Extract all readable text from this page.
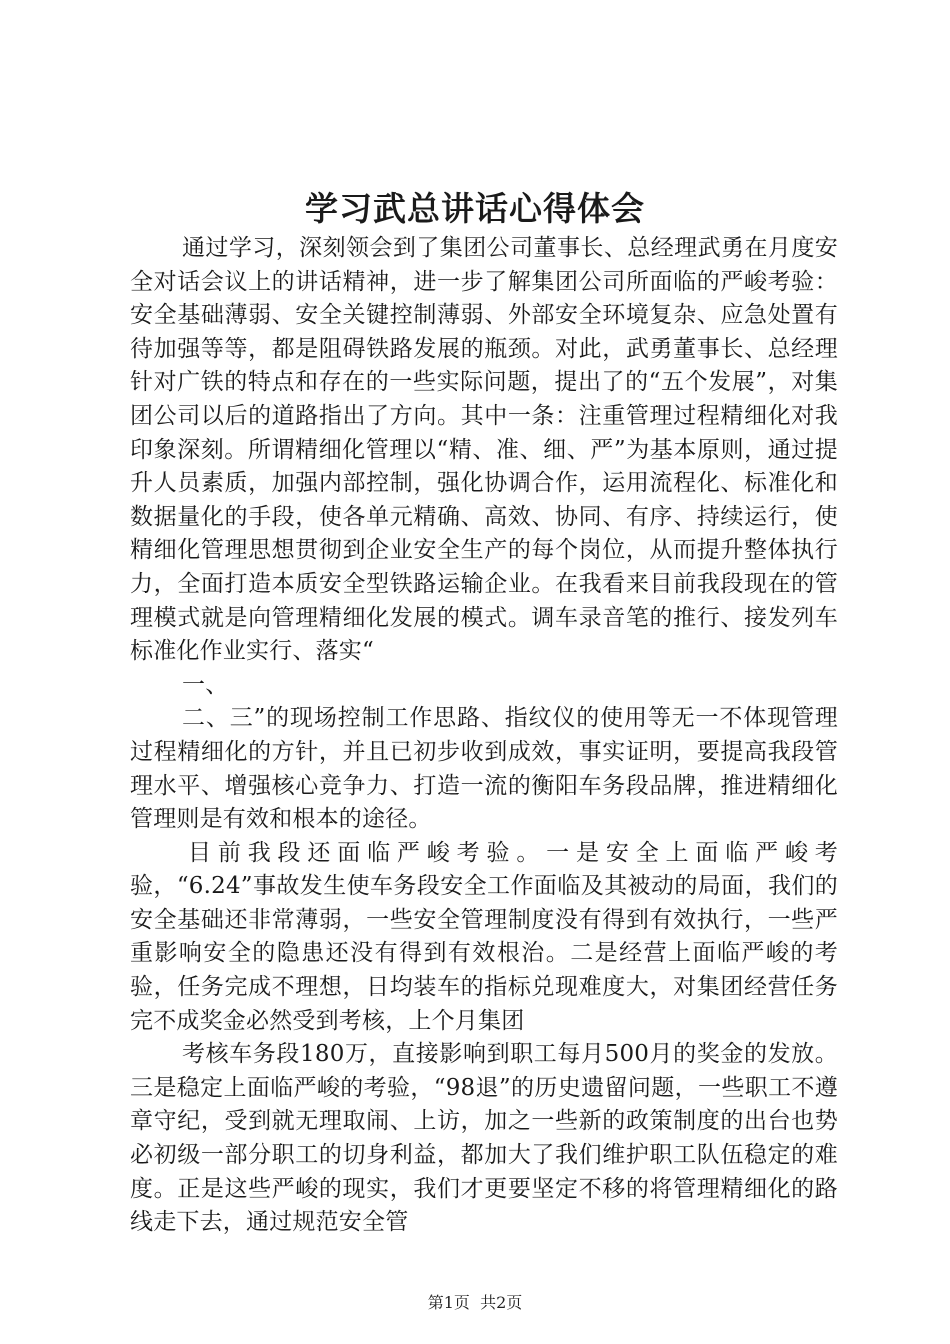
学习武总讲话心得体会

通过学习，深刻领会到了集团公司董事长、总经理武勇在月度安全对话会议上的讲话精神，进一步了解集团公司所面临的严峻考验：安全基础薄弱、安全关键控制薄弱、外部安全环境复杂、应急处置有待加强等等，都是阻碍铁路发展的瓶颈。对此，武勇董事长、总经理针对广铁的特点和存在的一些实际问题，提出了的“五个发展”，对集团公司以后的道路指出了方向。其中一条：注重管理过程精细化对我印象深刻。所谓精细化管理以“精、准、细、严”为基本原则，通过提升人员素质，加强内部控制，强化协调合作，运用流程化、标准化和数据量化的手段，使各单元精确、高效、协同、有序、持续运行，使精细化管理思想贯彻到企业安全生产的每个岗位，从而提升整体执行力，全面打造本质安全型铁路运输企业。在我看来目前我段现在的管理模式就是向管理精细化发展的模式。调车录音笔的推行、接发列车标准化作业实行、落实“

一、

二、三”的现场控制工作思路、指纹仪的使用等无一不体现管理过程精细化的方针，并且已初步收到成效，事实证明，要提高我段管理水平、增强核心竞争力、打造一流的衡阳车务段品牌，推进精细化管理则是有效和根本的途径。

目前我段还面临严峻考验。一是安全上面临严峻考验，“6.24”事故发生使车务段安全工作面临及其被动的局面，我们的安全基础还非常薄弱，一些安全管理制度没有得到有效执行，一些严重影响安全的隐患还没有得到有效根治。二是经营上面临严峻的考验，任务完成不理想，日均装车的指标兑现难度大，对集团经营任务完不成奖金必然受到考核，上个月集团

考核车务段180万，直接影响到职工每月500月的奖金的发放。三是稳定上面临严峻的考验，“98退”的历史遗留问题，一些职工不遵章守纪，受到就无理取闹、上访，加之一些新的政策制度的出台也势必初级一部分职工的切身利益，都加大了我们维护职工队伍稳定的难度。正是这些严峻的现实，我们才更要坚定不移的将管理精细化的路线走下去，通过规范安全管

第1页  共2页
